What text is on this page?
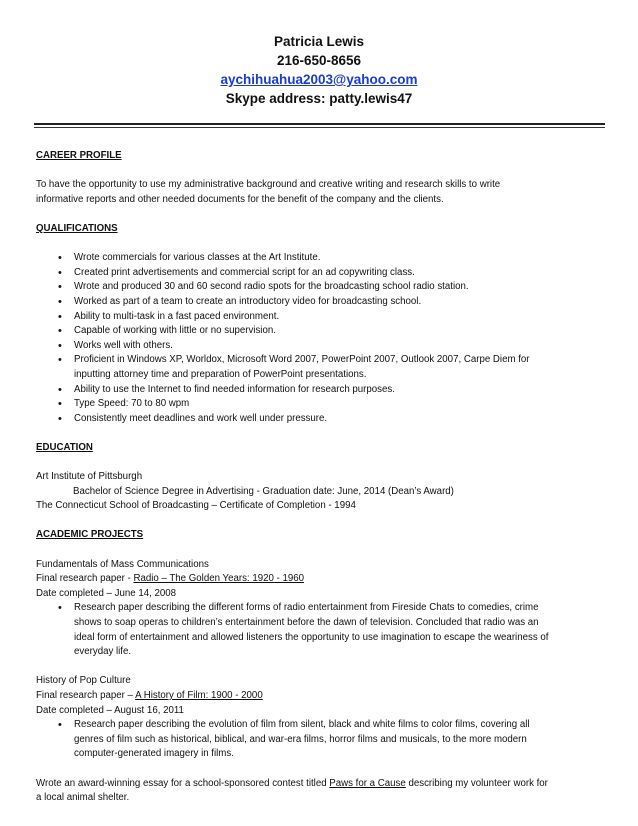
Patricia Lewis
216-650-8656
aychihuahua2003@yahoo.com
Skype address: patty.lewis47

CAREER PROFILE

To have the opportunity to use my administrative background and creative writing and research skills to write

informative reports and other needed documents for the benefit of the company and the clients.

QUALIFICATIONS

• Wrote commercials for various classes at the Art Institute.
• Created print advertisements and commercial script for an ad copywriting class.
• Wrote and produced 30 and 60 second radio spots for the broadcasting school radio station.
• Worked as part of a team to create an introductory video for broadcasting school.
• Ability to multi-task in a fast paced environment.
• Capable of working with little or no supervision.
• Works well with others.
• Proficient in Windows XP, Worldox, Microsoft Word 2007, PowerPoint 2007, Outlook 2007, Carpe Diem for
inputting attorney time and preparation of PowerPoint presentations.
• Ability to use the Internet to find needed information for research purposes.
• Type Speed: 70 to 80 wpm
• Consistently meet deadlines and work well under pressure.

EDUCATION

Art Institute of Pittsburgh

Bachelor of Science Degree in Advertising - Graduation date: June, 2014 (Dean’s Award)

The Connecticut School of Broadcasting – Certificate of Completion - 1994

ACADEMIC PROJECTS

Fundamentals of Mass Communications

Final research paper - Radio – The Golden Years: 1920 - 1960

Date completed – June 14, 2008

• Research paper describing the different forms of radio entertainment from Fireside Chats to comedies, crime
shows to soap operas to children’s entertainment before the dawn of television. Concluded that radio was an
ideal form of entertainment and allowed listeners the opportunity to use imagination to escape the weariness of
everyday life.

History of Pop Culture

Final research paper – A History of Film: 1900 - 2000

Date completed – August 16, 2011

• Research paper describing the evolution of film from silent, black and white films to color films, covering all
genres of film such as historical, biblical, and war-era films, horror films and musicals, to the more modern
computer-generated imagery in films.

Wrote an award-winning essay for a school-sponsored contest titled Paws for a Cause describing my volunteer work for

a local animal shelter.
